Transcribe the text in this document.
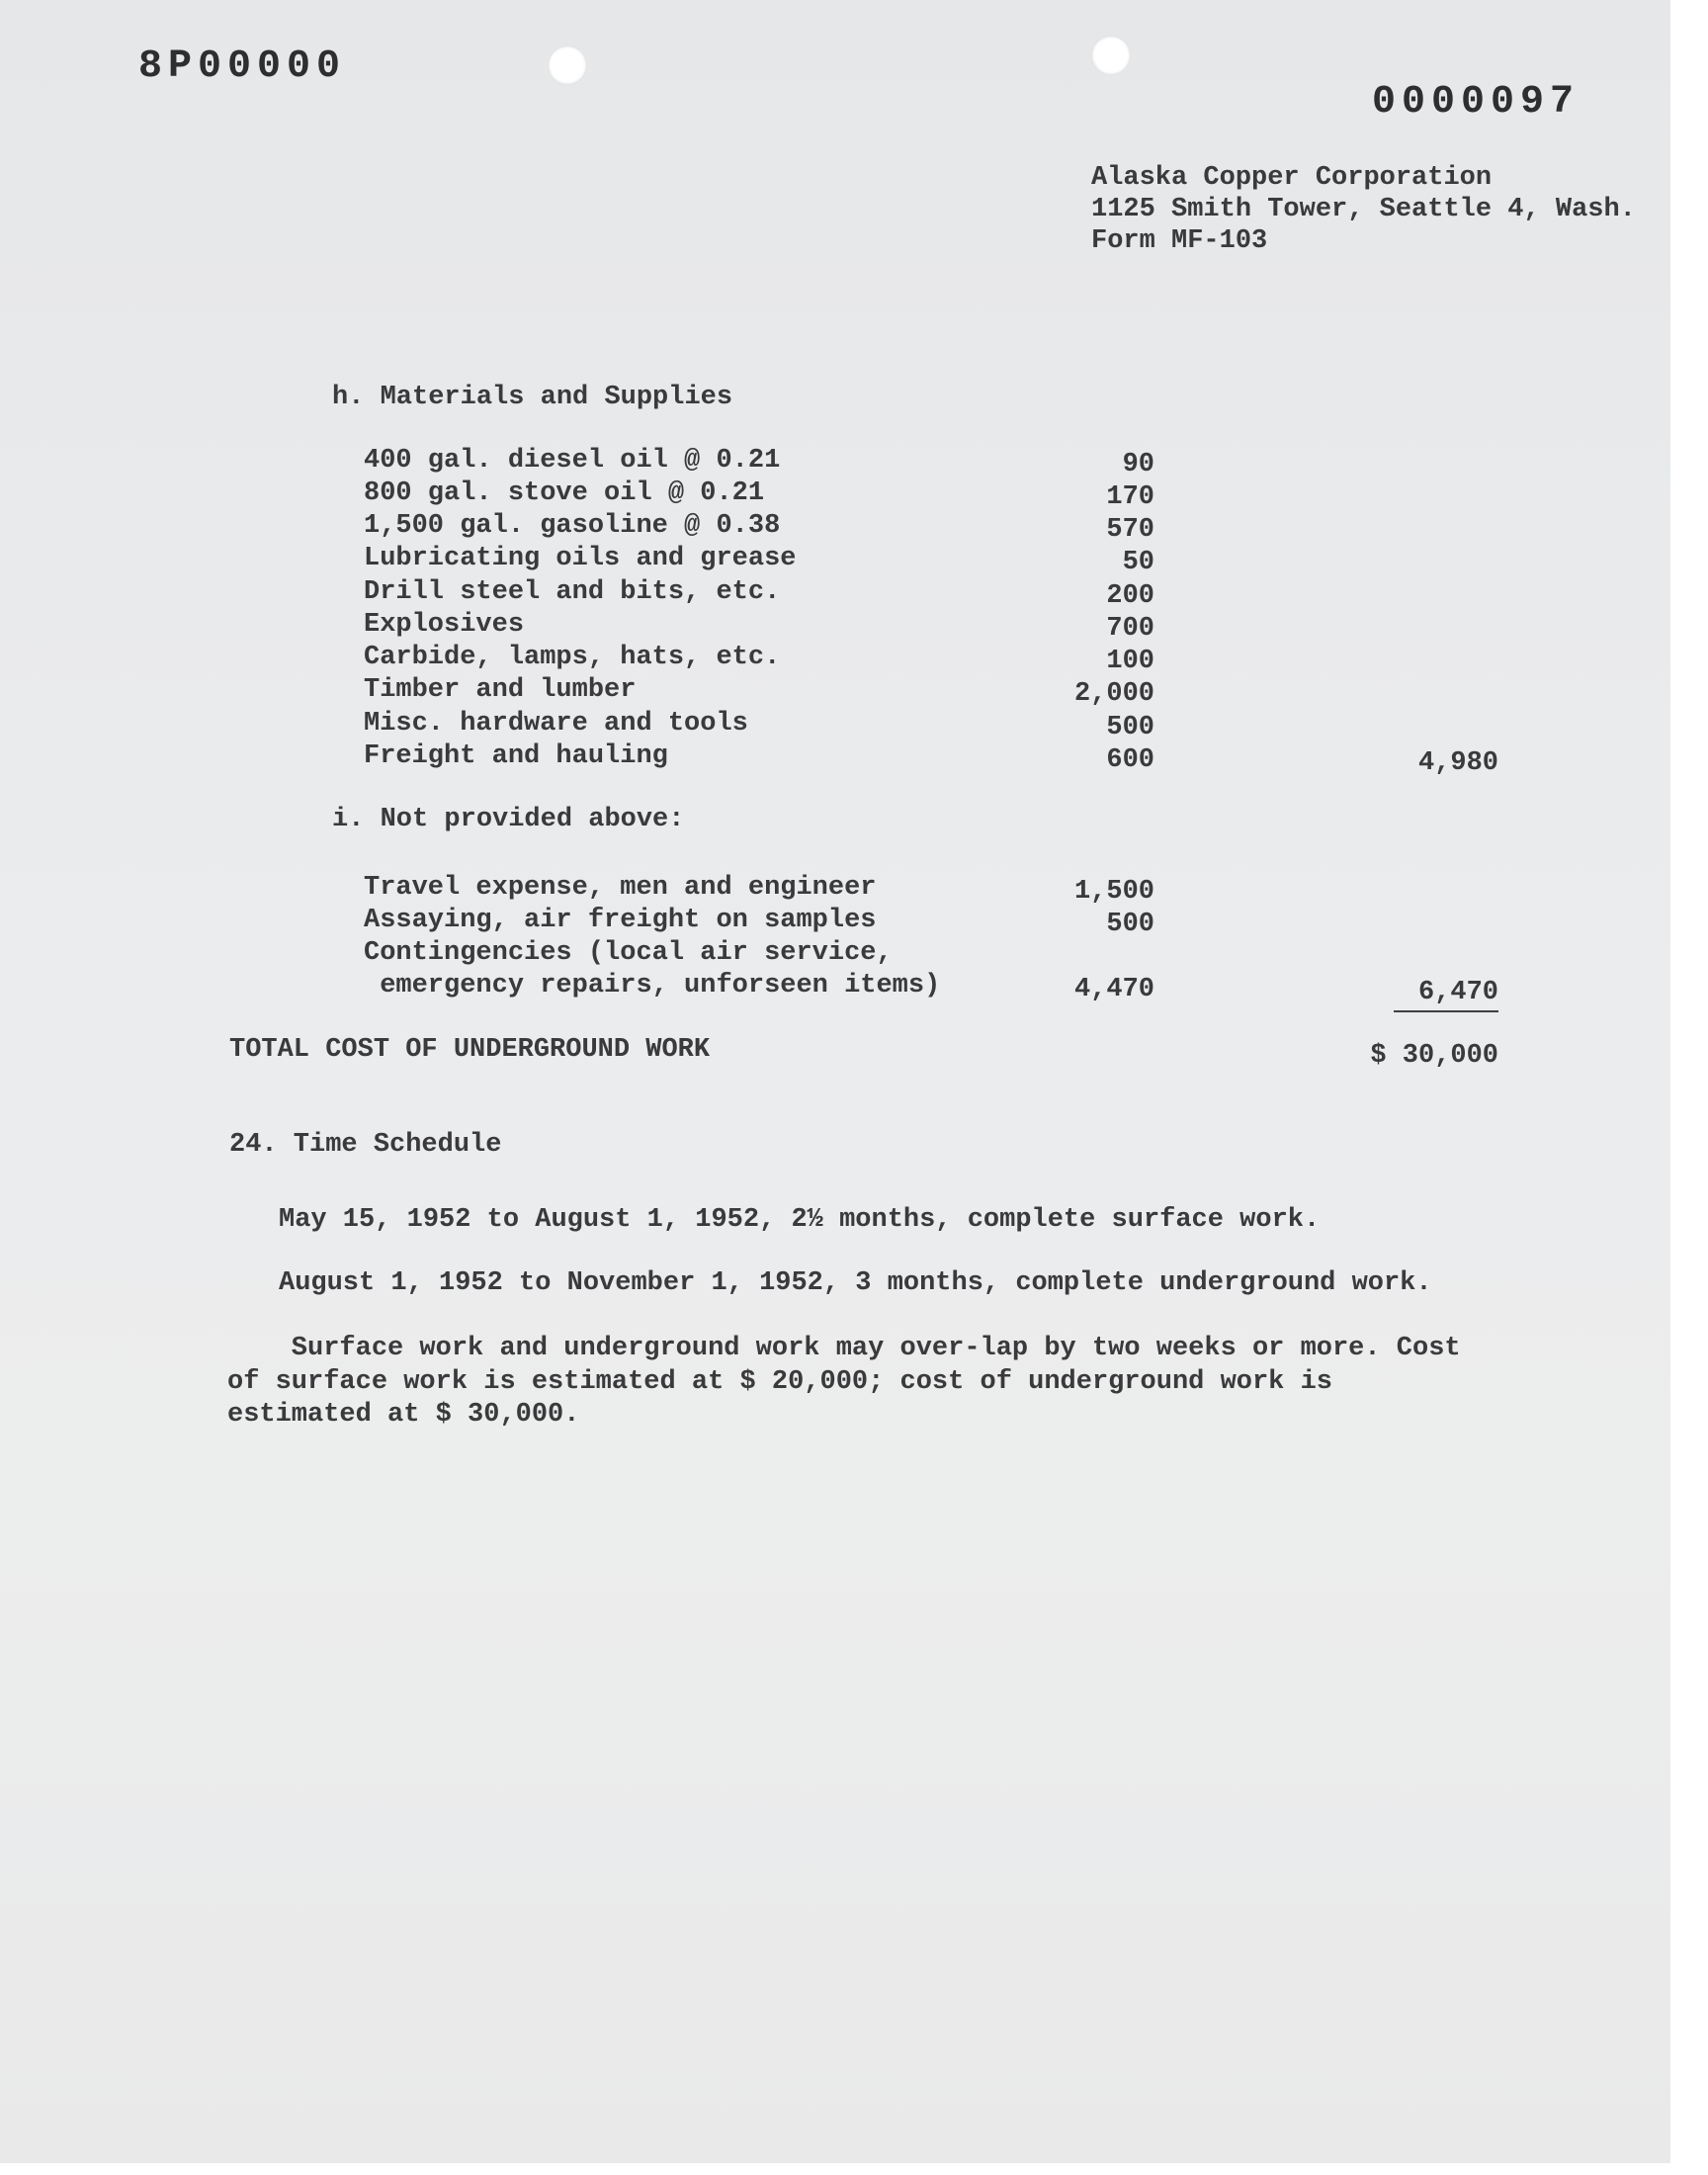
8P00000
0000097
Alaska Copper Corporation
1125 Smith Tower, Seattle 4, Wash.
Form MF-103
h. Materials and Supplies
400 gal. diesel oil @ 0.21	90
800 gal. stove oil @ 0.21	170
1,500 gal. gasoline @ 0.38	570
Lubricating oils and grease	50
Drill steel and bits, etc.	200
Explosives	700
Carbide, lamps, hats, etc.	100
Timber and lumber	2,000
Misc. hardware and tools	500
Freight and hauling	600	4,980
i. Not provided above:
Travel expense, men and engineer	1,500
Assaying, air freight on samples	500
Contingencies (local air service,
emergency repairs, unforseen items)	4,470	6,470
TOTAL COST OF UNDERGROUND WORK	$ 30,000
24. Time Schedule
May 15, 1952 to August 1, 1952, 2½ months, complete surface work.
August 1, 1952 to November 1, 1952, 3 months, complete underground work.
Surface work and underground work may over-lap by two weeks or more. Cost
of surface work is estimated at $ 20,000; cost of underground work is
estimated at $ 30,000.
